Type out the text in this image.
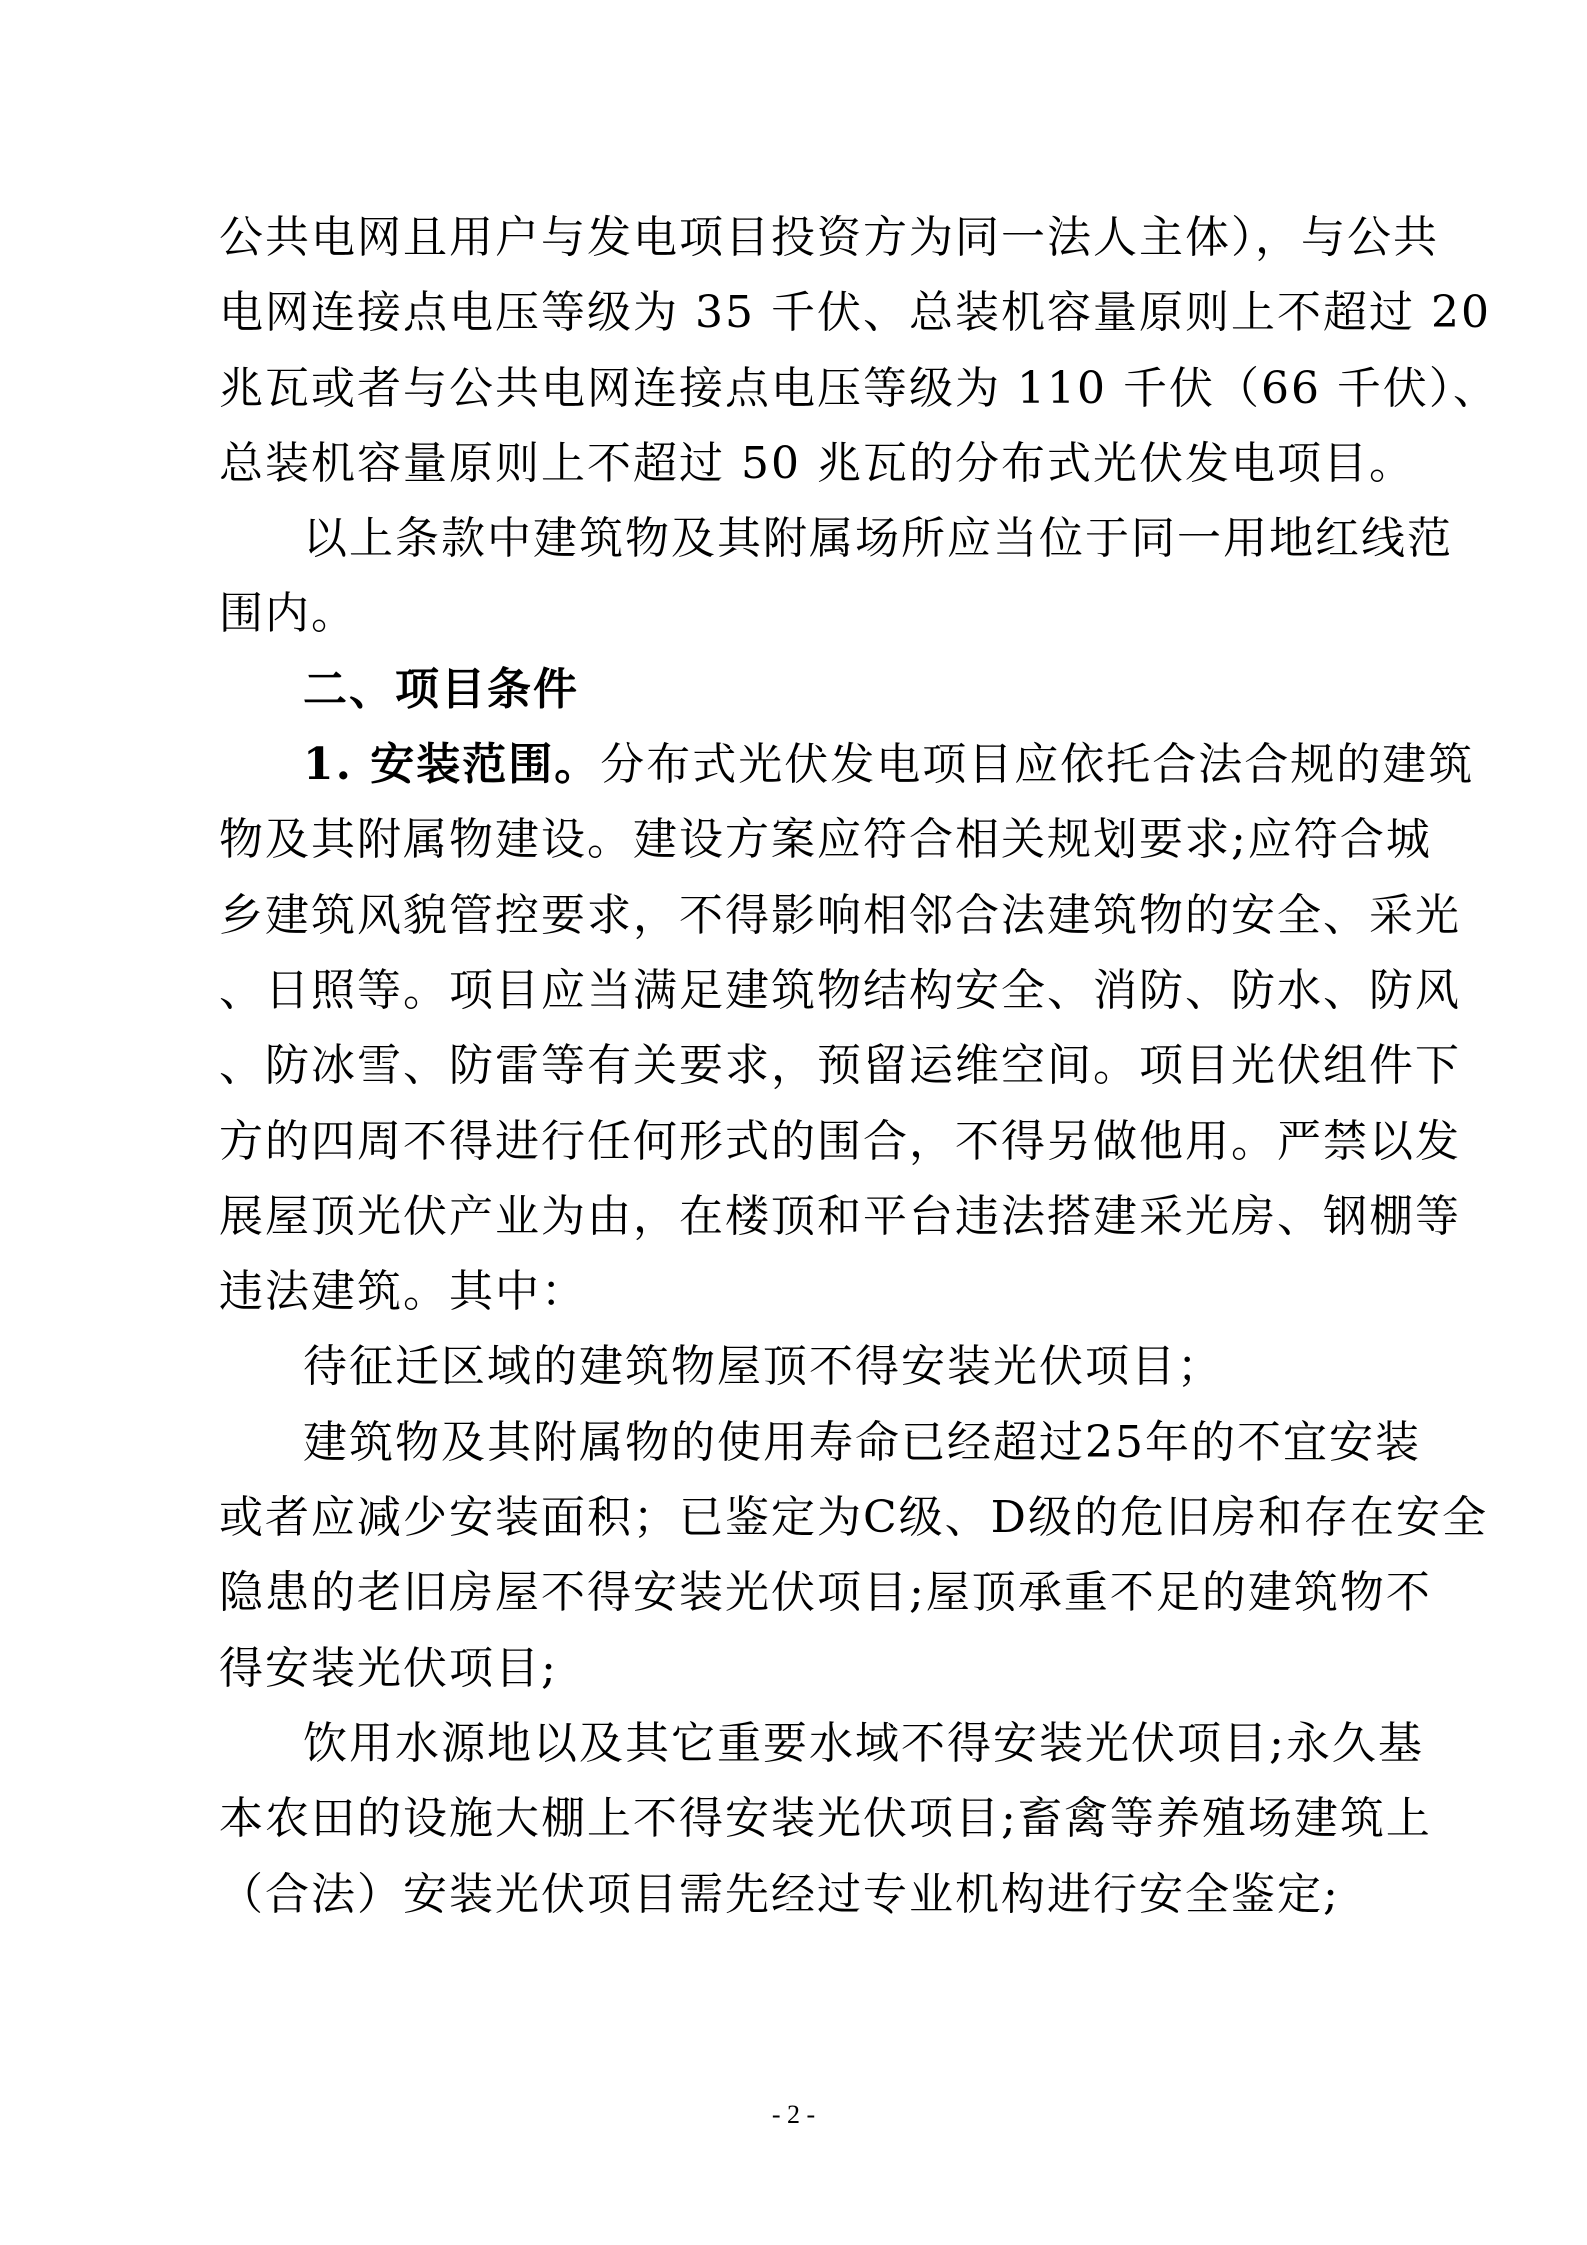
公共电网且用户与发电项目投资方为同一法人主体），与公共
电网连接点电压等级为 35 千伏、总装机容量原则上不超过 20
兆瓦或者与公共电网连接点电压等级为 110 千伏（66 千伏）、
总装机容量原则上不超过 50 兆瓦的分布式光伏发电项目。
以上条款中建筑物及其附属场所应当位于同一用地红线范
围内。
二、项目条件
1. 安装范围。分布式光伏发电项目应依托合法合规的建筑
物及其附属物建设。建设方案应符合相关规划要求;应符合城
乡建筑风貌管控要求，不得影响相邻合法建筑物的安全、采光
、日照等。项目应当满足建筑物结构安全、消防、防水、防风
、防冰雪、防雷等有关要求，预留运维空间。项目光伏组件下
方的四周不得进行任何形式的围合，不得另做他用。严禁以发
展屋顶光伏产业为由，在楼顶和平台违法搭建采光房、钢棚等
违法建筑。其中：
待征迁区域的建筑物屋顶不得安装光伏项目；
建筑物及其附属物的使用寿命已经超过25年的不宜安装
或者应减少安装面积；已鉴定为C级、D级的危旧房和存在安全
隐患的老旧房屋不得安装光伏项目;屋顶承重不足的建筑物不
得安装光伏项目;
饮用水源地以及其它重要水域不得安装光伏项目;永久基
本农田的设施大棚上不得安装光伏项目;畜禽等养殖场建筑上
（合法）安装光伏项目需先经过专业机构进行安全鉴定;
- 2 -
